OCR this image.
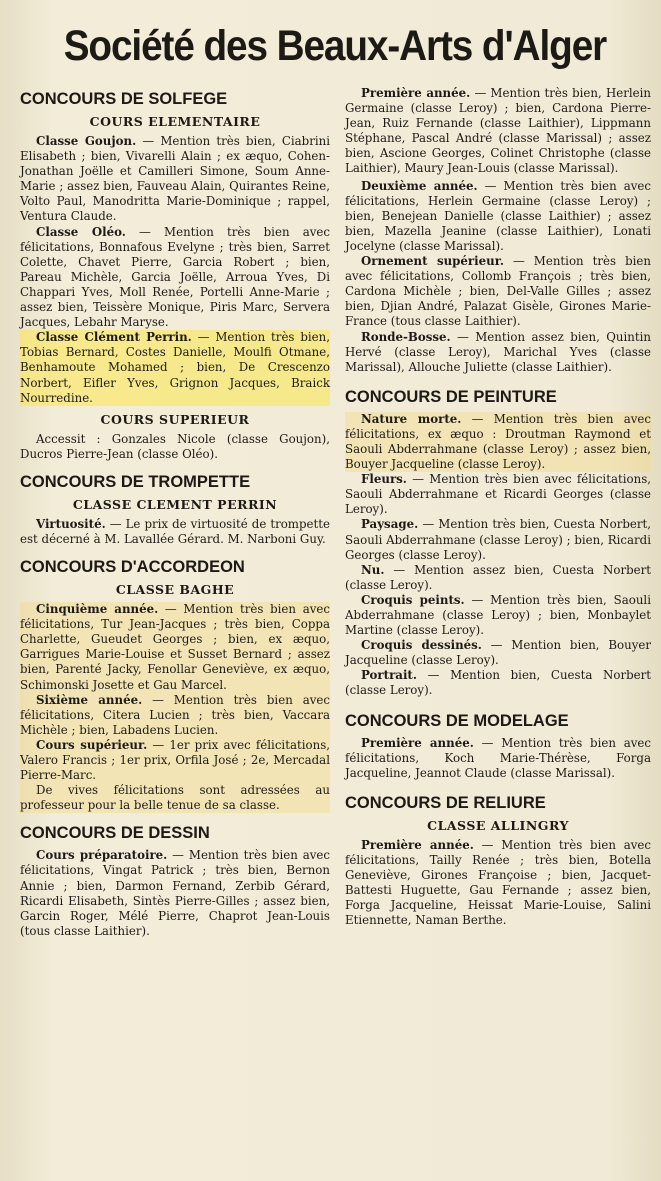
Société des Beaux-Arts d'Alger
CONCOURS DE SOLFEGE
COURS ELEMENTAIRE

Classe Goujon. — Mention très bien, Ciabrini Elisabeth ; bien, Vivarelli Alain ; ex æquo, Cohen-Jonathan Joëlle et Camilleri Simone, Soum Anne-Marie ; assez bien, Fauveau Alain, Quirantes Reine, Volto Paul, Manodritta Marie-Dominique ; rappel, Ventura Claude.

Classe Oléo. — Mention très bien avec félicitations, Bonnafous Evelyne ; très bien, Sarret Colette, Chavet Pierre, Garcia Robert ; bien, Pareau Michèle, Garcia Joëlle, Arroua Yves, Di Chappari Yves, Moll Renée, Portelli Anne-Marie ; assez bien, Teissère Monique, Piris Marc, Servera Jacques, Lebahr Maryse.

Classe Clément Perrin. — Mention très bien, Tobias Bernard, Costes Danielle, Moulfi Otmane, Benhamoute Mohamed ; bien, De Crescenzo Norbert, Eifler Yves, Grignon Jacques, Braick Nourredine.

COURS SUPERIEUR

Accessit : Gonzales Nicole (classe Goujon), Ducros Pierre-Jean (classe Oléo).

CONCOURS DE TROMPETTE
CLASSE CLEMENT PERRIN

Virtuosité. — Le prix de virtuosité de trompette est décerné à M. Lavallée Gérard. M. Narboni Guy.

CONCOURS D'ACCORDEON
CLASSE BAGHE

Cinquième année. — Mention très bien avec félicitations, Tur Jean-Jacques ; très bien, Coppa Charlette, Gueudet Georges ; bien, ex æquo, Garrigues Marie-Louise et Susset Bernard ; assez bien, Parenté Jacky, Fenollar Geneviève, ex æquo, Schimonski Josette et Gau Marcel.

Sixième année. — Mention très bien avec félicitations, Citera Lucien ; très bien, Vaccara Michèle ; bien, Labadens Lucien.

Cours supérieur. — 1er prix avec félicitations, Valero Francis ; 1er prix, Orfila José ; 2e, Mercadal Pierre-Marc.

De vives félicitations sont adressées au professeur pour la belle tenue de sa classe.

CONCOURS DE DESSIN

Cours préparatoire. — Mention très bien avec félicitations, Vingat Patrick ; très bien, Bernon Annie ; bien, Darmon Fernand, Zerbib Gérard, Ricardi Elisabeth, Sintès Pierre-Gilles ; assez bien, Garcin Roger, Mélé Pierre, Chaprot Jean-Louis (tous classe Laithier).

Première année. — Mention très bien, Herlein Germaine (classe Leroy) ; bien, Cardona Pierre-Jean, Ruiz Fernande (classe Laithier), Lippmann Stéphane, Pascal André (classe Marissal) ; assez bien, Ascione Georges, Colinet Christophe (classe Laithier), Maury Jean-Louis (classe Marissal).

Deuxième année. — Mention très bien avec félicitations, Herlein Germaine (classe Leroy) ; bien, Benejean Danielle (classe Laithier) ; assez bien, Mazella Jeanine (classe Laithier), Lonati Jocelyne (classe Marissal).

Ornement supérieur. — Mention très bien avec félicitations, Collomb François ; très bien, Cardona Michèle ; bien, Del-Valle Gilles ; assez bien, Djian André, Palazat Gisèle, Girones Marie-France (tous classe Laithier).

Ronde-Bosse. — Mention assez bien, Quintin Hervé (classe Leroy), Marichal Yves (classe Marissal), Allouche Juliette (classe Laithier).

CONCOURS DE PEINTURE

Nature morte. — Mention très bien avec félicitations, ex æquo : Droutman Raymond et Saouli Abderrahmane (classe Leroy) ; assez bien, Bouyer Jacqueline (classe Leroy).

Fleurs. — Mention très bien avec félicitations, Saouli Abderrahmane et Ricardi Georges (classe Leroy).

Paysage. — Mention très bien, Cuesta Norbert, Saouli Abderrahmane (classe Leroy) ; bien, Ricardi Georges (classe Leroy).

Nu. — Mention assez bien, Cuesta Norbert (classe Leroy).

Croquis peints. — Mention très bien, Saouli Abderrahmane (classe Leroy) ; bien, Monbaylet Martine (classe Leroy).

Croquis dessinés. — Mention bien, Bouyer Jacqueline (classe Leroy).

Portrait. — Mention bien, Cuesta Norbert (classe Leroy).

CONCOURS DE MODELAGE

Première année. — Mention très bien avec félicitations, Koch Marie-Thérèse, Forga Jacqueline, Jeannot Claude (classe Marissal).

CONCOURS DE RELIURE
CLASSE ALLINGRY

Première année. — Mention très bien avec félicitations, Tailly Renée ; très bien, Botella Geneviève, Girones Françoise ; bien, Jacquet-Battesti Huguette, Gau Fernande ; assez bien, Forga Jacqueline, Heissat Marie-Louise, Salini Etiennette, Naman Berthe.
